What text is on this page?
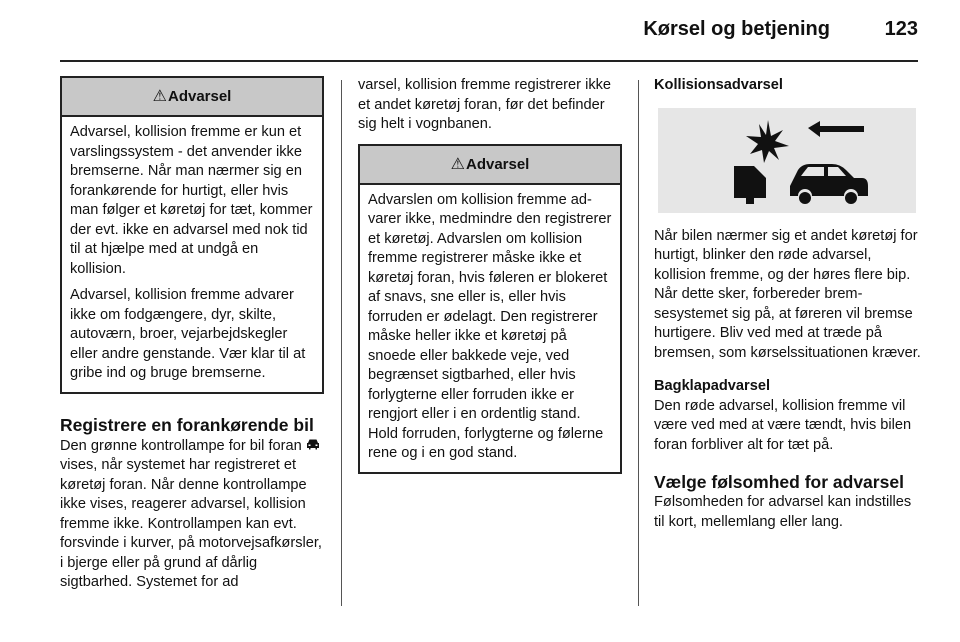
Kørsel og betjening	123
⚠Advarsel

Advarsel, kollision fremme er kun et varslingssystem - det anvender ikke bremserne. Når man nærmer sig en forankørende for hurtigt, eller hvis man følger et køretøj for tæt, kommer der evt. ikke en advarsel med nok tid til at hjælpe med at undgå en kollision.

Advarsel, kollision fremme advarer ikke om fodgængere, dyr, skilte, autoværn, broer, vejarbejdskegler eller andre genstande. Vær klar til at gribe ind og bruge bremserne.

Registrere en forankørende bil

Den grønne kontrollampe for bil foran  vises, når systemet har registreret et køretøj foran. Når denne kontrollampe ikke vises, reagerer advarsel, kollision fremme ikke. Kontrollampen kan evt. forsvinde i kurver, på motorvejsafkørsler, i bjerge eller på grund af dårlig sigtbarhed. Systemet for ad

varsel, kollision fremme registrerer ikke et andet køretøj foran, før det befinder sig helt i vognbanen.

⚠Advarsel

Advarslen om kollision fremme advarer ikke, medmindre den registrerer et køretøj. Advarslen om kollision fremme registrerer måske ikke et køretøj foran, hvis føleren er blokeret af snavs, sne eller is, eller hvis forruden er ødelagt. Den registrerer måske heller ikke et køretøj på snoede eller bakkede veje, ved begrænset sigtbarhed, eller hvis forlygterne eller forruden ikke er rengjort eller i en ordentlig stand. Hold forruden, forlygterne og følerne rene og i en god stand.

Kollisionsadvarsel

Når bilen nærmer sig et andet køretøj for hurtigt, blinker den røde advarsel, kollision fremme, og der høres flere bip. Når dette sker, forbereder bremsesystemet sig på, at føreren vil bremse hurtigere. Bliv ved med at træde på bremsen, som kørselssituationen kræver.

Bagklapadvarsel

Den røde advarsel, kollision fremme vil være ved med at være tændt, hvis bilen foran forbliver alt for tæt på.

Vælge følsomhed for advarsel

Følsomheden for advarsel kan indstilles til kort, mellemlang eller lang.
